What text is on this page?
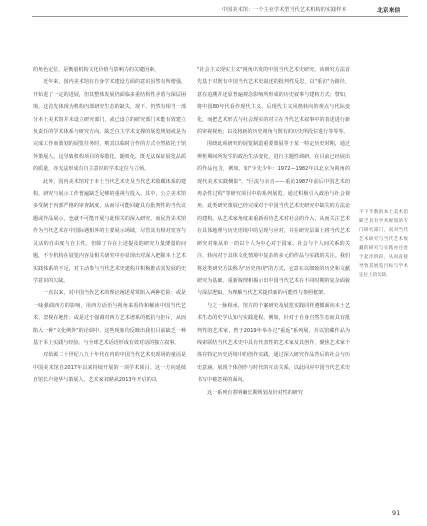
中国美术馆：一个主业学术型当代艺术机构的实践样本	北京来信

的角色定位，是衡量机构文化价值与影响力的关键因素。

近年来，国内美术馆在自身学术建设方面的意识虽然有所增强，开始进了一定的进展，但其整体发展仍面临多重结构性矛盾与深层困境。这首先体现为机构内部研究生态的缺失，现下，仍然有相当一部分本土美术馆并未设立研究部门，或已设立的研究部门未能有效建立负责任的学术体系与研究方向。缺乏自主学术支撑的展览规划或是为完成工作而策划的展览任务时，则其以临时合作的方式全然依托于馆外策展人。这导致机构项目的零散化、随机化，既无法保证展览品质的质量，亦无法形成有自主意识的学术定位与立场。

此外，国内美术馆对于本土当代艺术史及当代艺术收藏体系的建构，研究与展示工作普遍缺乏足够的重视与投入。其中，公立美术馆多受制于内部严格的审查制度，从而尽可能回避具有批判性的当代议题或作品展示，也就不可能开展与此相关的深入研究。而民营美术馆作为当代艺术在中国际遇相外的主要展示场域，尽管其有相对宽容与灵活的自由度与自主性，但除了存在上述提及的研究力量薄弱的问题，不少机构在展览内容及相关研究中亦显现出对深入把握本土艺术实践体系的不足，对主动参与当代艺术史建构并积极推动其发展的史学意识的欠缺。

一直以来，对中国当代艺术的理论阐述常常陷入两种危险：或是一味强调西方的影响，用西方话语与视角来看待和解读中国当代艺术，忽视在地性；或是过于强调对西方艺术谱系的抵抗与拒斥，从而陷入一种"文化例外"的论调中。这些现象均反映出我们目前缺乏一种基于本土实践与经验、与全球艺术话语形成有效对话的独立叙事。

对始源二十世纪八九十年代在内的中国当代艺术史现场的童话是中国美术馆自2017年以来持续开展的一项学术项目。这一方向延续自馆长卢迎华与策展人、艺术家刘鼎从2013年开启的以

"社会主义现实主义"视角出发的中国当代艺术史研究。该研究方法首先基于对既有中国当代艺术史叙述的批判性反思，以"重访"为路径，意在追溯并还原普遍观念影响所形成的历史叙事与建构方式；譬如，将中国80年代看作现代主义、后现代主义风格转向的观点与代际变化，而把艺术形式与社会现实的对立在当代艺术叙事中的表述进行新的审视视角；以及将新的历史视角与既有的历史所段位进行等等等。

围绕此项研究的展览制造重要策展等于某一特定历史时期，通过辨析期间所发生的政治生活变化，进行主题性调研。在目前已经展出的作品包含，例如，如"少先少年：1972—1982年以北京为视角的现代美术实践侧影"，"巨流与余音——重访1987年前后中国艺术的再杂性过程"等研究项目中的系列展览。通过积极引入政治与社会视角，此类研究策展已经完成对于中国当代艺术史研究中缺失的方法论的建构。从艺术家角度来重新看待艺术对社会的介入，从而关注艺术在具体地理与历史语境中的呈现与应对，并在研究层面上将当代艺术研究对象从单一的以个人为中心对于国家、社会与个人间关系的关注，转向对于具体文化情境中复杂的多元的作品与实践的关注。我们将这类研究方法称为"历史再现"的方式，它意在以细致的历史和文献研究为基础，重新梳理和揭示出中国当代艺术在不同时期的复杂面貌与深层逻辑，为理解当代艺术提供新的可能性与参照框架。

与之一脉相承，馆方的个案研究及展览实践同样遵循面向本土艺术生态的史学认知与实践进程。例如，针对于自身自然生态而具有批判性的艺术家，曾于2019年举办过"重返"系列展。并以馆藏作品为线索联结当代艺术史中具有代表性的艺术家及其创作，聚焦艺术家个体在特定历史语境中的创作实践，通过深入研究作品背后的社会与历史意涵，展现个体创作与时代的互动关系，以此回应中国当代艺术史书写中被忽视的面向。

这一系列有着明确长期规划及针对性的研究

不下半数的本土美术馆缺乏具有学术规划的专门研究部门，而对当代艺术研究与当代艺术收藏的研究与实践亦还处于起步阶段，从而直接导致其展览目标与学术定位上的欠缺。
91
